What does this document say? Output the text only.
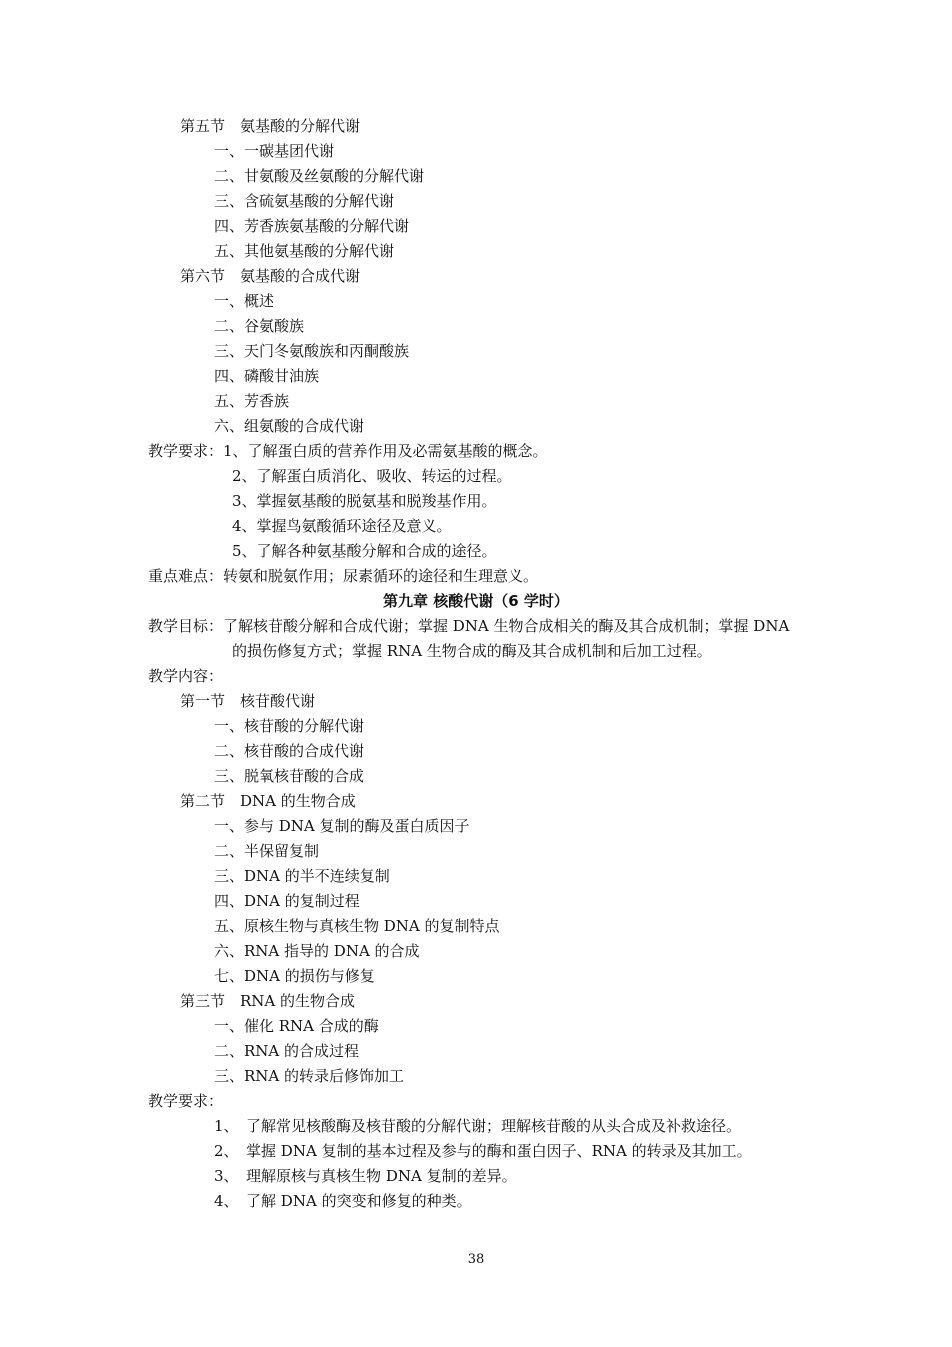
第五节　氨基酸的分解代谢
一、一碳基团代谢
二、甘氨酸及丝氨酸的分解代谢
三、含硫氨基酸的分解代谢
四、芳香族氨基酸的分解代谢
五、其他氨基酸的分解代谢
第六节　氨基酸的合成代谢
一、概述
二、谷氨酸族
三、天门冬氨酸族和丙酮酸族
四、磷酸甘油族
五、芳香族
六、组氨酸的合成代谢
教学要求：1、了解蛋白质的营养作用及必需氨基酸的概念。
2、了解蛋白质消化、吸收、转运的过程。
3、掌握氨基酸的脱氨基和脱羧基作用。
4、掌握鸟氨酸循环途径及意义。
5、了解各种氨基酸分解和合成的途径。
重点难点：转氨和脱氨作用；尿素循环的途径和生理意义。
第九章 核酸代谢（6 学时）
教学目标：了解核苷酸分解和合成代谢；掌握 DNA 生物合成相关的酶及其合成机制；掌握 DNA
的损伤修复方式；掌握 RNA 生物合成的酶及其合成机制和后加工过程。
教学内容：
第一节　核苷酸代谢
一、核苷酸的分解代谢
二、核苷酸的合成代谢
三、脱氧核苷酸的合成
第二节　DNA 的生物合成
一、参与 DNA 复制的酶及蛋白质因子
二、半保留复制
三、DNA 的半不连续复制
四、DNA 的复制过程
五、原核生物与真核生物 DNA 的复制特点
六、RNA 指导的 DNA 的合成
七、DNA 的损伤与修复
第三节　RNA 的生物合成
一、催化 RNA 合成的酶
二、RNA 的合成过程
三、RNA 的转录后修饰加工
教学要求：
1、　了解常见核酸酶及核苷酸的分解代谢；理解核苷酸的从头合成及补救途径。
2、　掌握 DNA 复制的基本过程及参与的酶和蛋白因子、RNA 的转录及其加工。
3、　理解原核与真核生物 DNA 复制的差异。
4、　了解 DNA 的突变和修复的种类。
38
